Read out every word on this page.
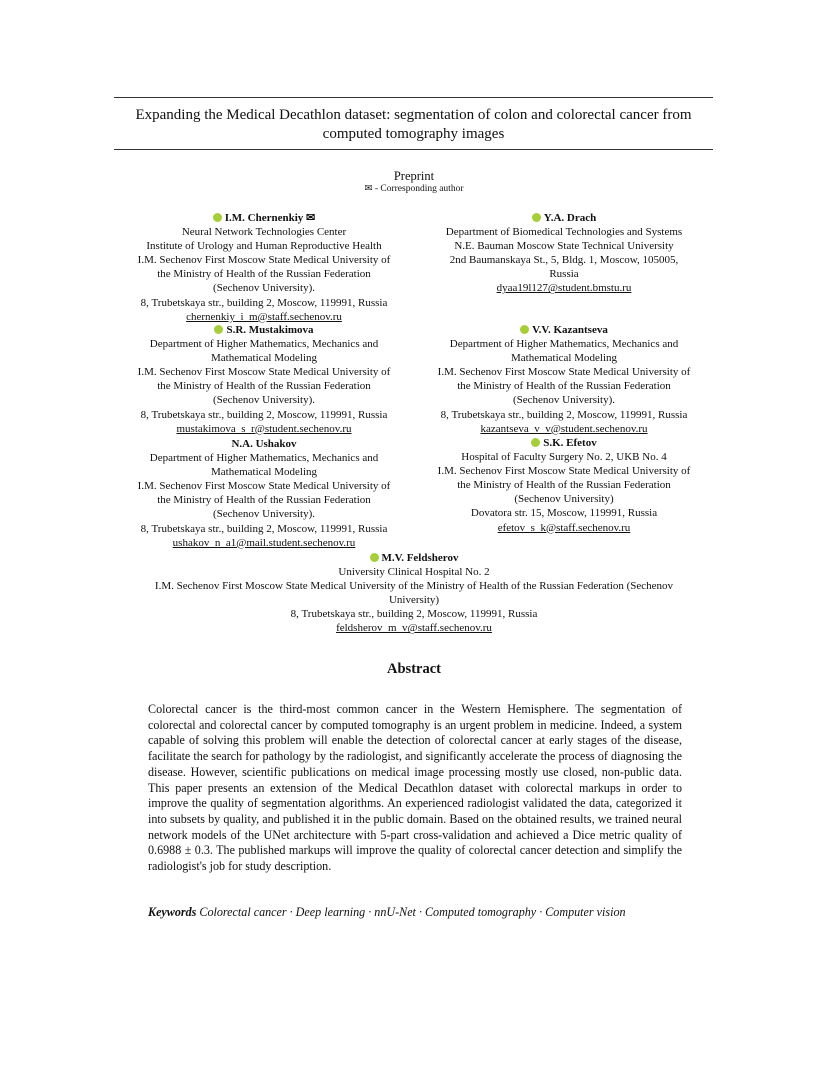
Expanding the Medical Decathlon dataset: segmentation of colon and colorectal cancer from computed tomography images
Preprint
✉ - Corresponding author
I.M. Chernenkiy ✉
Neural Network Technologies Center
Institute of Urology and Human Reproductive Health
I.M. Sechenov First Moscow State Medical University of
the Ministry of Health of the Russian Federation
(Sechenov University).
8, Trubetskaya str., building 2, Moscow, 119991, Russia
chernenkiy_i_m@staff.sechenov.ru
Y.A. Drach
Department of Biomedical Technologies and Systems
N.E. Bauman Moscow State Technical University
2nd Baumanskaya St., 5, Bldg. 1, Moscow, 105005,
Russia
dyaa19l127@student.bmstu.ru
S.R. Mustakimova
Department of Higher Mathematics, Mechanics and
Mathematical Modeling
I.M. Sechenov First Moscow State Medical University of
the Ministry of Health of the Russian Federation
(Sechenov University).
8, Trubetskaya str., building 2, Moscow, 119991, Russia
mustakimova_s_r@student.sechenov.ru
V.V. Kazantseva
Department of Higher Mathematics, Mechanics and
Mathematical Modeling
I.M. Sechenov First Moscow State Medical University of
the Ministry of Health of the Russian Federation
(Sechenov University).
8, Trubetskaya str., building 2, Moscow, 119991, Russia
kazantseva_v_v@student.sechenov.ru
N.A. Ushakov
Department of Higher Mathematics, Mechanics and
Mathematical Modeling
I.M. Sechenov First Moscow State Medical University of
the Ministry of Health of the Russian Federation
(Sechenov University).
8, Trubetskaya str., building 2, Moscow, 119991, Russia
ushakov_n_a1@mail.student.sechenov.ru
S.K. Efetov
Hospital of Faculty Surgery No. 2, UKB No. 4
I.M. Sechenov First Moscow State Medical University of
the Ministry of Health of the Russian Federation
(Sechenov University)
Dovatora str. 15, Moscow, 119991, Russia
efetov_s_k@staff.sechenov.ru
M.V. Feldsherov
University Clinical Hospital No. 2
I.M. Sechenov First Moscow State Medical University of the Ministry of Health of the Russian Federation (Sechenov
University)
8, Trubetskaya str., building 2, Moscow, 119991, Russia
feldsherov_m_v@staff.sechenov.ru
Abstract
Colorectal cancer is the third-most common cancer in the Western Hemisphere. The segmentation of colorectal and colorectal cancer by computed tomography is an urgent problem in medicine. Indeed, a system capable of solving this problem will enable the detection of colorectal cancer at early stages of the disease, facilitate the search for pathology by the radiologist, and significantly accelerate the process of diagnosing the disease. However, scientific publications on medical image processing mostly use closed, non-public data. This paper presents an extension of the Medical Decathlon dataset with colorectal markups in order to improve the quality of segmentation algorithms. An experienced radiologist validated the data, categorized it into subsets by quality, and published it in the public domain. Based on the obtained results, we trained neural network models of the UNet architecture with 5-part cross-validation and achieved a Dice metric quality of 0.6988 ± 0.3. The published markups will improve the quality of colorectal cancer detection and simplify the radiologist's job for study description.
Keywords Colorectal cancer · Deep learning · nnU-Net · Computed tomography · Computer vision
